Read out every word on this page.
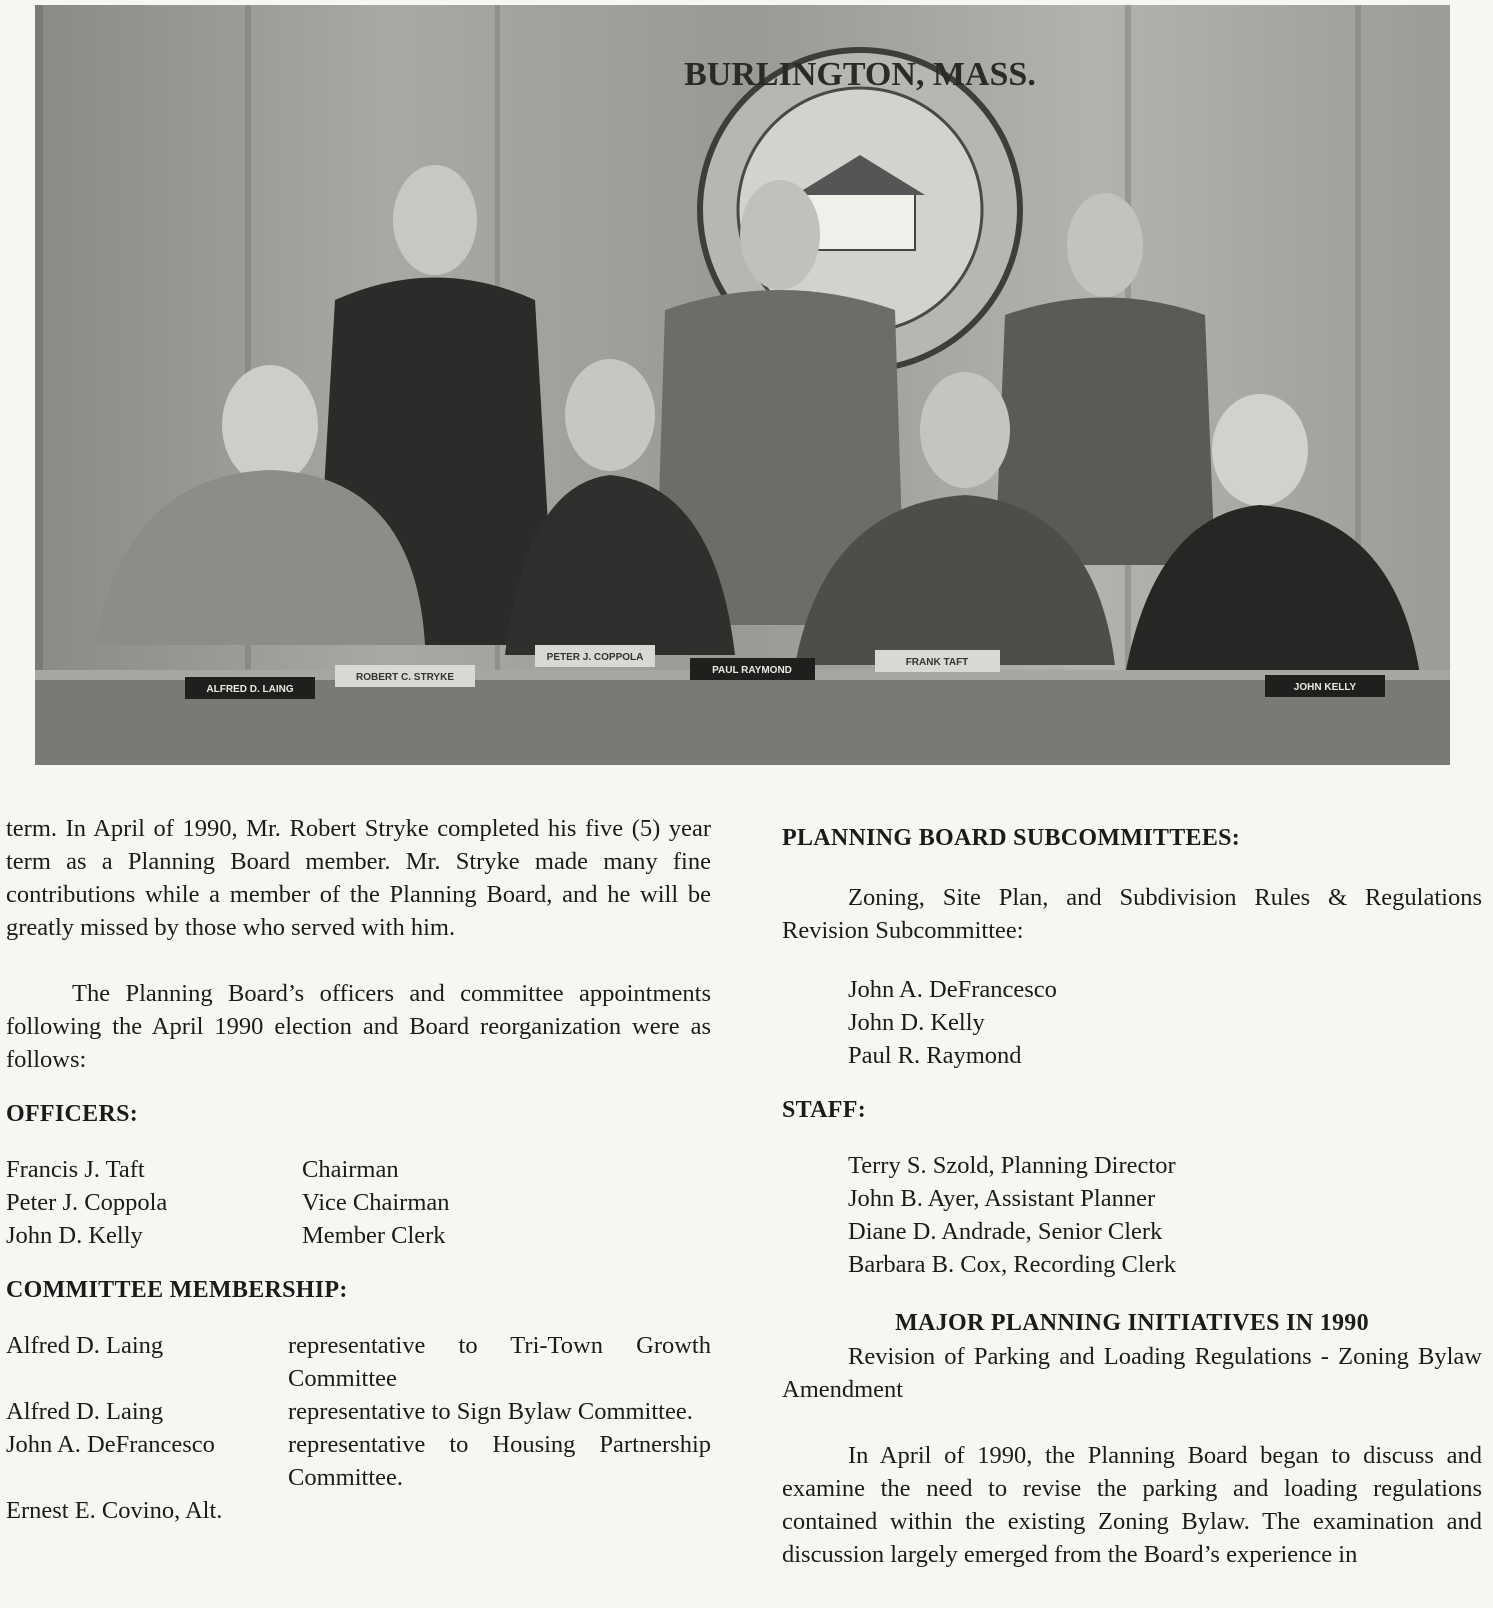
BURLINGTON, MASS.
ALFRED D. LAING
ROBERT C. STRYKE
PETER J. COPPOLA
PAUL RAYMOND
FRANK TAFT
JOHN KELLY

term. In April of 1990, Mr. Robert Stryke completed his five (5) year term as a Planning Board member. Mr. Stryke made many fine contributions while a member of the Planning Board, and he will be greatly missed by those who served with him.

The Planning Board’s officers and committee appointments following the April 1990 election and Board reorganization were as follows:

OFFICERS:
Francis J. Taft	Chairman
Peter J. Coppola	Vice Chairman
John D. Kelly	Member Clerk
COMMITTEE MEMBERSHIP:
Alfred D. Laing	representative to Tri-Town Growth Committee
Alfred D. Laing	representative to Sign Bylaw Committee.
John A. DeFrancesco	representative to Housing Partnership Committee.
Ernest E. Covino, Alt.	
PLANNING BOARD SUBCOMMITTEES:

Zoning, Site Plan, and Subdivision Rules & Regulations Revision Subcommittee:

John A. DeFrancesco
John D. Kelly
Paul R. Raymond
STAFF:
Terry S. Szold, Planning Director
John B. Ayer, Assistant Planner
Diane D. Andrade, Senior Clerk
Barbara B. Cox, Recording Clerk
MAJOR PLANNING INITIATIVES IN 1990

Revision of Parking and Loading Regulations - Zoning Bylaw Amendment

In April of 1990, the Planning Board began to discuss and examine the need to revise the parking and loading regulations contained within the existing Zoning Bylaw. The examination and discussion largely emerged from the Board’s experience in
